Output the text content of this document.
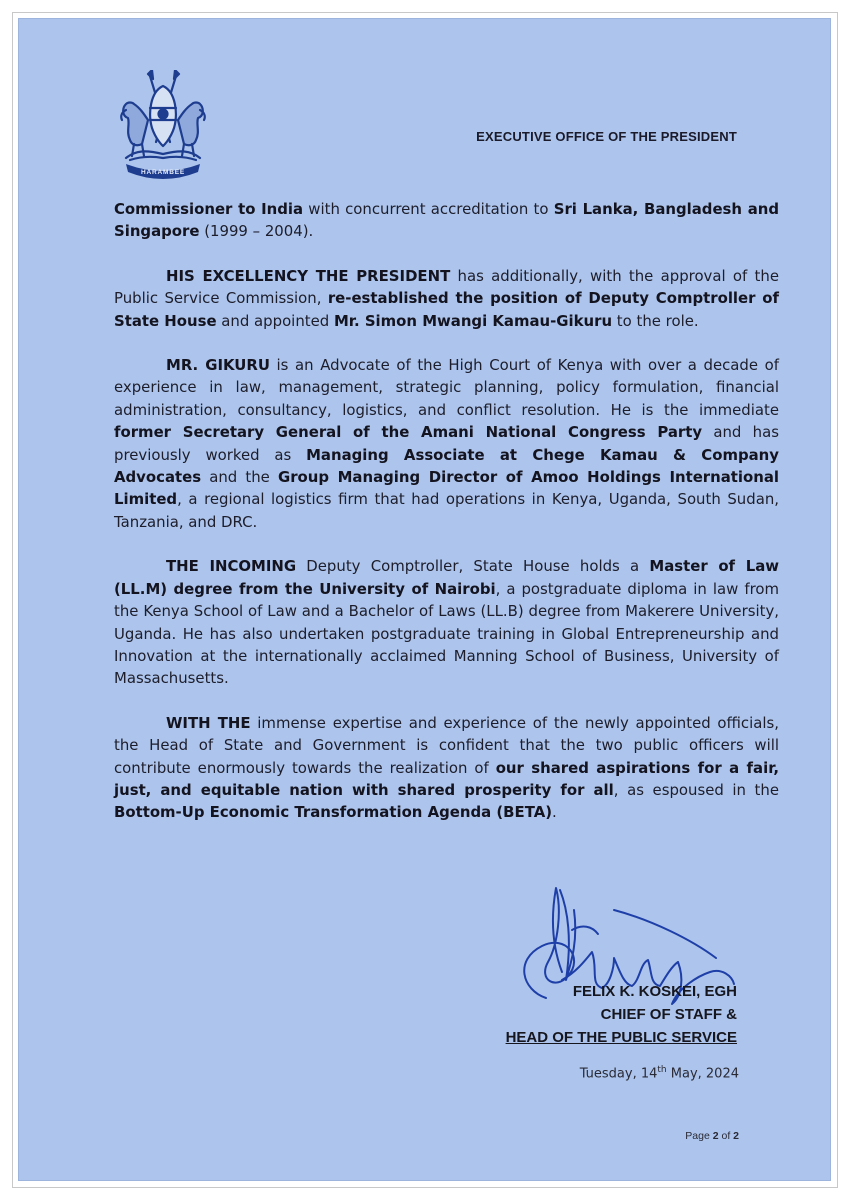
HARAMBEE
EXECUTIVE OFFICE OF THE PRESIDENT

Commissioner to India with concurrent accreditation to Sri Lanka, Bangladesh and Singapore (1999 – 2004).

HIS EXCELLENCY THE PRESIDENT has additionally, with the approval of the Public Service Commission, re-established the position of Deputy Comptroller of State House and appointed Mr. Simon Mwangi Kamau-Gikuru to the role.

MR. GIKURU is an Advocate of the High Court of Kenya with over a decade of experience in law, management, strategic planning, policy formulation, financial administration, consultancy, logistics, and conflict resolution. He is the immediate former Secretary General of the Amani National Congress Party and has previously worked as Managing Associate at Chege Kamau & Company Advocates and the Group Managing Director of Amoo Holdings International Limited, a regional logistics firm that had operations in Kenya, Uganda, South Sudan, Tanzania, and DRC.

THE INCOMING Deputy Comptroller, State House holds a Master of Law (LL.M) degree from the University of Nairobi, a postgraduate diploma in law from the Kenya School of Law and a Bachelor of Laws (LL.B) degree from Makerere University, Uganda. He has also undertaken postgraduate training in Global Entrepreneurship and Innovation at the internationally acclaimed Manning School of Business, University of Massachusetts.

WITH THE immense expertise and experience of the newly appointed officials, the Head of State and Government is confident that the two public officers will contribute enormously towards the realization of our shared aspirations for a fair, just, and equitable nation with shared prosperity for all, as espoused in the Bottom-Up Economic Transformation Agenda (BETA).

FELIX K. KOSKEI, EGH
CHIEF OF STAFF &
HEAD OF THE PUBLIC SERVICE
Tuesday, 14th May, 2024
Page 2 of 2
